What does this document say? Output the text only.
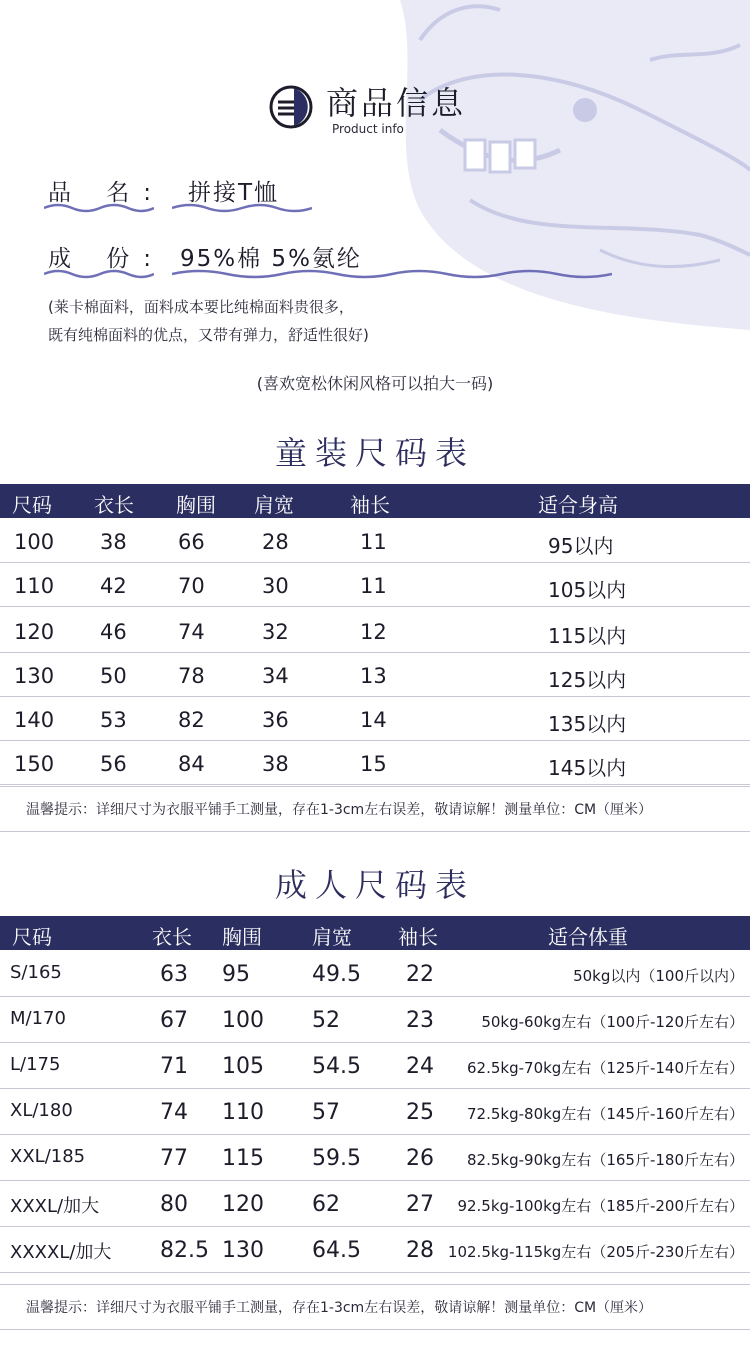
商品信息
Product info
品 名: 拼接T恤
成 份: 95%棉 5%氨纶
(莱卡棉面料，面料成本要比纯棉面料贵很多，
既有纯棉面料的优点，又带有弹力，舒适性很好)
(喜欢宽松休闲风格可以拍大一码)
童装尺码表
尺码 衣长 胸围 肩宽	袖长	适合身高
100 38 66	28	11	95以内
110 42 70	30	11	105以内
120 46 74	32	12	115以内
130 50 78	34	13	125以内
140 53 82	36	14	135以内
150 56 84	38	15	145以内
温馨提示：详细尺寸为衣服平铺手工测量，存在1-3cm左右误差，敬请谅解！测量单位：CM（厘米）
成人尺码表
尺码	衣长 胸围	肩宽 袖长	适合体重
S/165	63 95	49.5 22	50kg以内（100斤以内）
M/170	67 100 52	23	50kg-60kg左右（100斤-120斤左右）
L/175	71 105 54.5 24 62.5kg-70kg左右（125斤-140斤左右）
XL/180	74 110 57	25 72.5kg-80kg左右（145斤-160斤左右）
XXL/185	77 115 59.5 26 82.5kg-90kg左右（165斤-180斤左右）
XXXL/加大	80 120 62	27 92.5kg-100kg左右（185斤-200斤左右）
XXXXL/加大 82.5 130 64.5 28 102.5kg-115kg左右（205斤-230斤左右）
温馨提示：详细尺寸为衣服平铺手工测量，存在1-3cm左右误差，敬请谅解！测量单位：CM（厘米）
